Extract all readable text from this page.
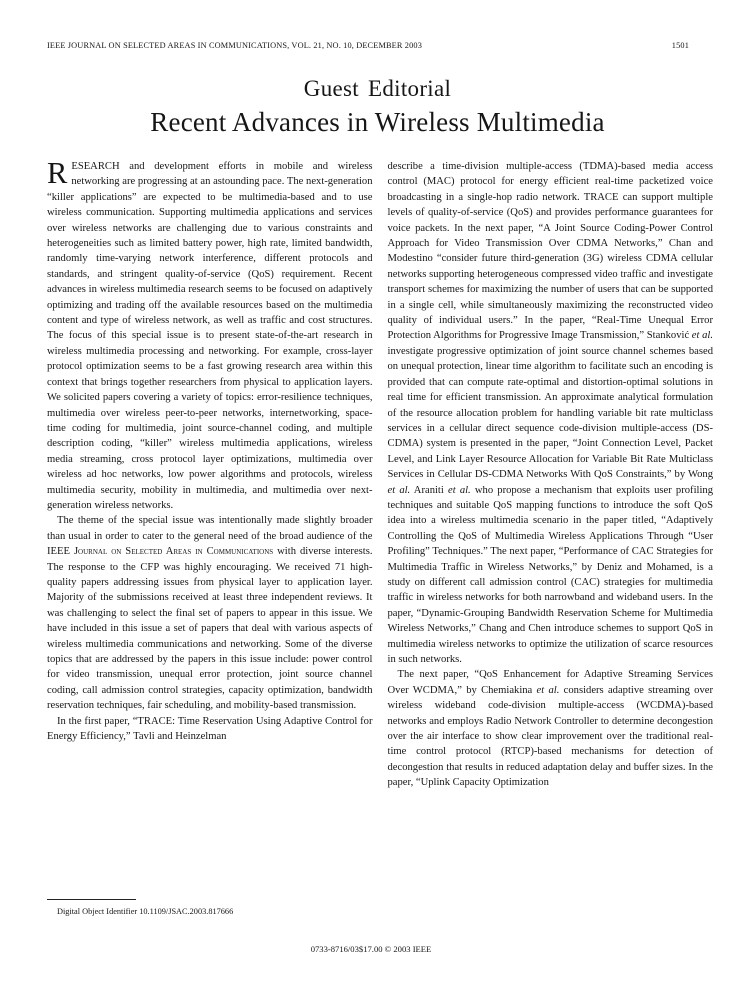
IEEE JOURNAL ON SELECTED AREAS IN COMMUNICATIONS, VOL. 21, NO. 10, DECEMBER 2003	1501
Guest Editorial
Recent Advances in Wireless Multimedia

RESEARCH and development efforts in mobile and wireless networking are progressing at an astounding pace. The next-generation “killer applications” are expected to be multimedia-based and to use wireless communication. Supporting multimedia applications and services over wireless networks are challenging due to various constraints and heterogeneities such as limited battery power, high rate, limited bandwidth, randomly time-varying network interference, different protocols and standards, and stringent quality-of-service (QoS) requirement. Recent advances in wireless multimedia research seems to be focused on adaptively optimizing and trading off the available resources based on the multimedia content and type of wireless network, as well as traffic and cost structures. The focus of this special issue is to present state-of-the-art research in wireless multimedia processing and networking. For example, cross-layer protocol optimization seems to be a fast growing research area within this context that brings together researchers from physical to application layers. We solicited papers covering a variety of topics: error-resilience techniques, multimedia over wireless peer-to-peer networks, internetworking, space-time coding for multimedia, joint source-channel coding, and multiple description coding, “killer” wireless multimedia applications, wireless media streaming, cross protocol layer optimizations, multimedia over wireless ad hoc networks, low power algorithms and protocols, wireless multimedia security, mobility in multimedia, and multimedia over next-generation wireless networks.

The theme of the special issue was intentionally made slightly broader than usual in order to cater to the general need of the broad audience of the IEEE Journal on Selected Areas in Communications with diverse interests. The response to the CFP was highly encouraging. We received 71 high-quality papers addressing issues from physical layer to application layer. Majority of the submissions received at least three independent reviews. It was challenging to select the final set of papers to appear in this issue. We have included in this issue a set of papers that deal with various aspects of wireless multimedia communications and networking. Some of the diverse topics that are addressed by the papers in this issue include: power control for video transmission, unequal error protection, joint source channel coding, call admission control strategies, capacity optimization, bandwidth reservation techniques, fair scheduling, and mobility-based transmission.

In the first paper, “TRACE: Time Reservation Using Adaptive Control for Energy Efficiency,” Tavli and Heinzelman

describe a time-division multiple-access (TDMA)-based media access control (MAC) protocol for energy efficient real-time packetized voice broadcasting in a single-hop radio network. TRACE can support multiple levels of quality-of-service (QoS) and provides performance guarantees for voice packets. In the next paper, “A Joint Source Coding-Power Control Approach for Video Transmission Over CDMA Networks,” Chan and Modestino “consider future third-generation (3G) wireless CDMA cellular networks supporting heterogeneous compressed video traffic and investigate transport schemes for maximizing the number of users that can be supported in a single cell, while simultaneously maximizing the reconstructed video quality of individual users.” In the paper, “Real-Time Unequal Error Protection Algorithms for Progressive Image Transmission,” Stanković et al. investigate progressive optimization of joint source channel schemes based on unequal protection, linear time algorithm to facilitate such an encoding is provided that can compute rate-optimal and distortion-optimal solutions in real time for efficient transmission. An approximate analytical formulation of the resource allocation problem for handling variable bit rate multiclass services in a cellular direct sequence code-division multiple-access (DS-CDMA) system is presented in the paper, “Joint Connection Level, Packet Level, and Link Layer Resource Allocation for Variable Bit Rate Multiclass Services in Cellular DS-CDMA Networks With QoS Constraints,” by Wong et al. Araniti et al. who propose a mechanism that exploits user profiling techniques and suitable QoS mapping functions to introduce the soft QoS idea into a wireless multimedia scenario in the paper titled, “Adaptively Controlling the QoS of Multimedia Wireless Applications Through “User Profiling” Techniques.” The next paper, “Performance of CAC Strategies for Multimedia Traffic in Wireless Networks,” by Deniz and Mohamed, is a study on different call admission control (CAC) strategies for multimedia traffic in wireless networks for both narrowband and wideband users. In the paper, “Dynamic-Grouping Bandwidth Reservation Scheme for Multimedia Wireless Networks,” Chang and Chen introduce schemes to support QoS in multimedia wireless networks to optimize the utilization of scarce resources in such networks.

The next paper, “QoS Enhancement for Adaptive Streaming Services Over WCDMA,” by Chemiakina et al. considers adaptive streaming over wireless wideband code-division multiple-access (WCDMA)-based networks and employs Radio Network Controller to determine decongestion over the air interface to show clear improvement over the traditional real-time control protocol (RTCP)-based mechanisms for detection of decongestion that results in reduced adaptation delay and buffer sizes. In the paper, “Uplink Capacity Optimization

Digital Object Identifier 10.1109/JSAC.2003.817666
0733-8716/03$17.00 © 2003 IEEE
